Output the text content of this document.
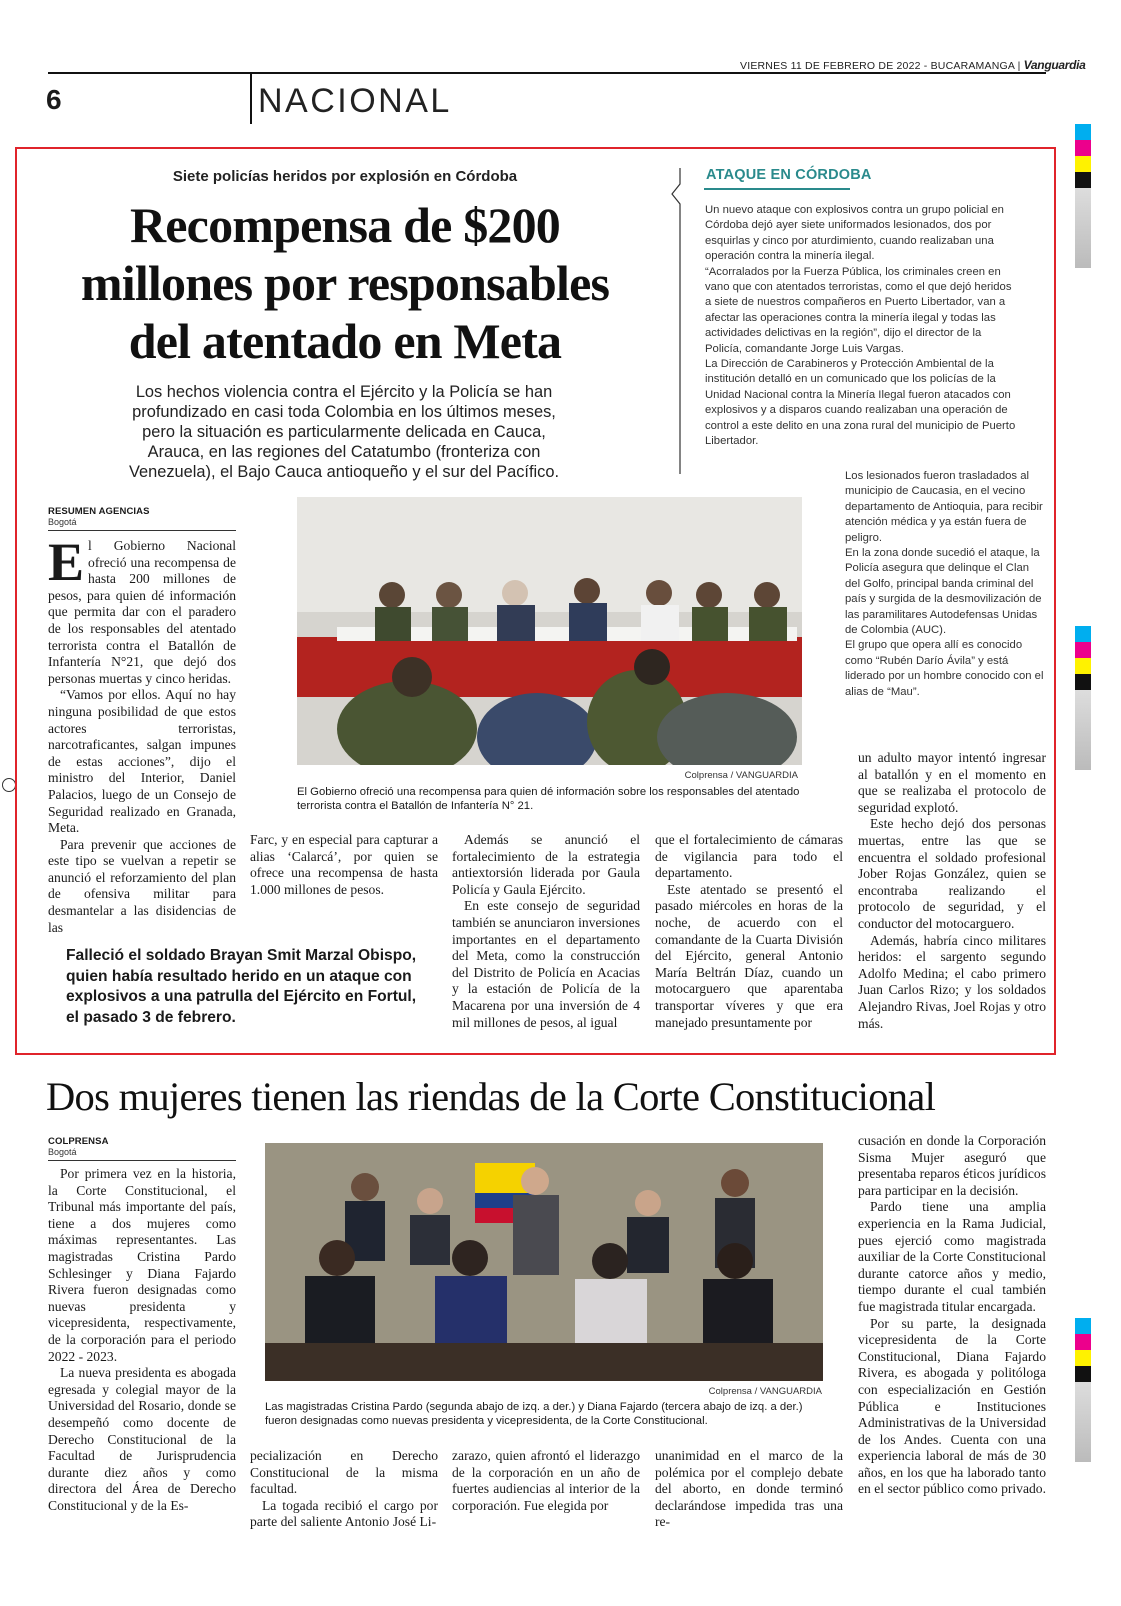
VIERNES 11 DE FEBRERO DE 2022 - BUCARAMANGA | Vanguardia
6	NACIONAL
Siete policías heridos por explosión en Córdoba
Recompensa de $200
millones por responsables
del atentado en Meta
Los hechos violencia contra el Ejército y la Policía se han profundizado en casi toda Colombia en los últimos meses, pero la situación es particularmente delicada en Cauca, Arauca, en las regiones del Catatumbo (fronteriza con Venezuela), el Bajo Cauca antioqueño y el sur del Pacífico.
ATAQUE EN CÓRDOBA

Un nuevo ataque con explosivos contra un grupo policial en Córdoba dejó ayer siete uniformados lesionados, dos por esquirlas y cinco por aturdimiento, cuando realizaban una operación contra la minería ilegal.

“Acorralados por la Fuerza Pública, los criminales creen en vano que con atentados terroristas, como el que dejó heridos a siete de nuestros compañeros en Puerto Libertador, van a afectar las operaciones contra la minería ilegal y todas las actividades delictivas en la región”, dijo el director de la Policía, comandante Jorge Luis Vargas.

La Dirección de Carabineros y Protección Ambiental de la institución detalló en un comunicado que los policías de la Unidad Nacional contra la Minería Ilegal fueron atacados con explosivos y a disparos cuando realizaban una operación de control a este delito en una zona rural del municipio de Puerto Libertador.

Los lesionados fueron trasladados al municipio de Caucasia, en el vecino departamento de Antioquia, para recibir atención médica y ya están fuera de peligro.

En la zona donde sucedió el ataque, la Policía asegura que delinque el Clan del Golfo, principal banda criminal del país y surgida de la desmovilización de las paramilitares Autodefensas Unidas de Colombia (AUC).

El grupo que opera allí es conocido como “Rubén Darío Ávila” y está liderado por un hombre conocido con el alias de “Mau”.

RESUMEN AGENCIAS
Bogotá

El Gobierno Nacional ofreció una recompensa de hasta 200 millones de pesos, para quien dé información que permita dar con el paradero de los responsables del atentado terrorista contra el Batallón de Infantería N°21, que dejó dos personas muertas y cinco heridas.

“Vamos por ellos. Aquí no hay ninguna posibilidad de que estos actores terroristas, narcotraficantes, salgan impunes de estas acciones”, dijo el ministro del Interior, Daniel Palacios, luego de un Consejo de Seguridad realizado en Granada, Meta.

Para prevenir que acciones de este tipo se vuelvan a repetir se anunció el reforzamiento del plan de ofensiva militar para desmantelar a las disidencias de las

Colprensa / VANGUARDIA
El Gobierno ofreció una recompensa para quien dé información sobre los responsables del atentado terrorista contra el Batallón de Infantería N° 21.

Farc, y en especial para capturar a alias ‘Calarcá’, por quien se ofrece una recompensa de hasta 1.000 millones de pesos.

Además se anunció el fortalecimiento de la estrategia antiextorsión liderada por Gaula Policía y Gaula Ejército.

En este consejo de seguridad también se anunciaron inversiones importantes en el departamento del Meta, como la construcción del Distrito de Policía en Acacias y la estación de Policía de la Macarena por una inversión de 4 mil millones de pesos, al igual

que el fortalecimiento de cámaras de vigilancia para todo el departamento.

Este atentado se presentó el pasado miércoles en horas de la noche, de acuerdo con el comandante de la Cuarta División del Ejército, general Antonio María Beltrán Díaz, cuando un motocarguero que aparentaba transportar víveres y que era manejado presuntamente por

un adulto mayor intentó ingresar al batallón y en el momento en que se realizaba el protocolo de seguridad explotó.

Este hecho dejó dos personas muertas, entre las que se encuentra el soldado profesional Jober Rojas González, quien se encontraba realizando el protocolo de seguridad, y el conductor del motocarguero.

Además, habría cinco militares heridos: el sargento segundo Adolfo Medina; el cabo primero Juan Carlos Rizo; y los soldados Alejandro Rivas, Joel Rojas y otro más.

Falleció el soldado Brayan Smit Marzal Obispo, quien había resultado herido en un ataque con explosivos a una patrulla del Ejército en Fortul, el pasado 3 de febrero.
Dos mujeres tienen las riendas de la Corte Constitucional
COLPRENSA
Bogotá

Por primera vez en la historia, la Corte Constitucional, el Tribunal más importante del país, tiene a dos mujeres como máximas representantes. Las magistradas Cristina Pardo Schlesinger y Diana Fajardo Rivera fueron designadas como nuevas presidenta y vicepresidenta, respectivamente, de la corporación para el periodo 2022 - 2023.

La nueva presidenta es abogada egresada y colegial mayor de la Universidad del Rosario, donde se desempeñó como docente de Derecho Constitucional de la Facultad de Jurisprudencia durante diez años y como directora del Área de Derecho Constitucional y de la Es-

Colprensa / VANGUARDIA
Las magistradas Cristina Pardo (segunda abajo de izq. a der.) y Diana Fajardo (tercera abajo de izq. a der.) fueron designadas como nuevas presidenta y vicepresidenta, de la Corte Constitucional.

pecialización en Derecho Constitucional de la misma facultad.

La togada recibió el cargo por parte del saliente Antonio José Li-

zarazo, quien afrontó el liderazgo de la corporación en un año de fuertes audiencias al interior de la corporación. Fue elegida por

unanimidad en el marco de la polémica por el complejo debate del aborto, en donde terminó declarándose impedida tras una re-

cusación en donde la Corporación Sisma Mujer aseguró que presentaba reparos éticos jurídicos para participar en la decisión.

Pardo tiene una amplia experiencia en la Rama Judicial, pues ejerció como magistrada auxiliar de la Corte Constitucional durante catorce años y medio, tiempo durante el cual también fue magistrada titular encargada.

Por su parte, la designada vicepresidenta de la Corte Constitucional, Diana Fajardo Rivera, es abogada y politóloga con especialización en Gestión Pública e Instituciones Administrativas de la Universidad de los Andes. Cuenta con una experiencia laboral de más de 30 años, en los que ha laborado tanto en el sector público como privado.
